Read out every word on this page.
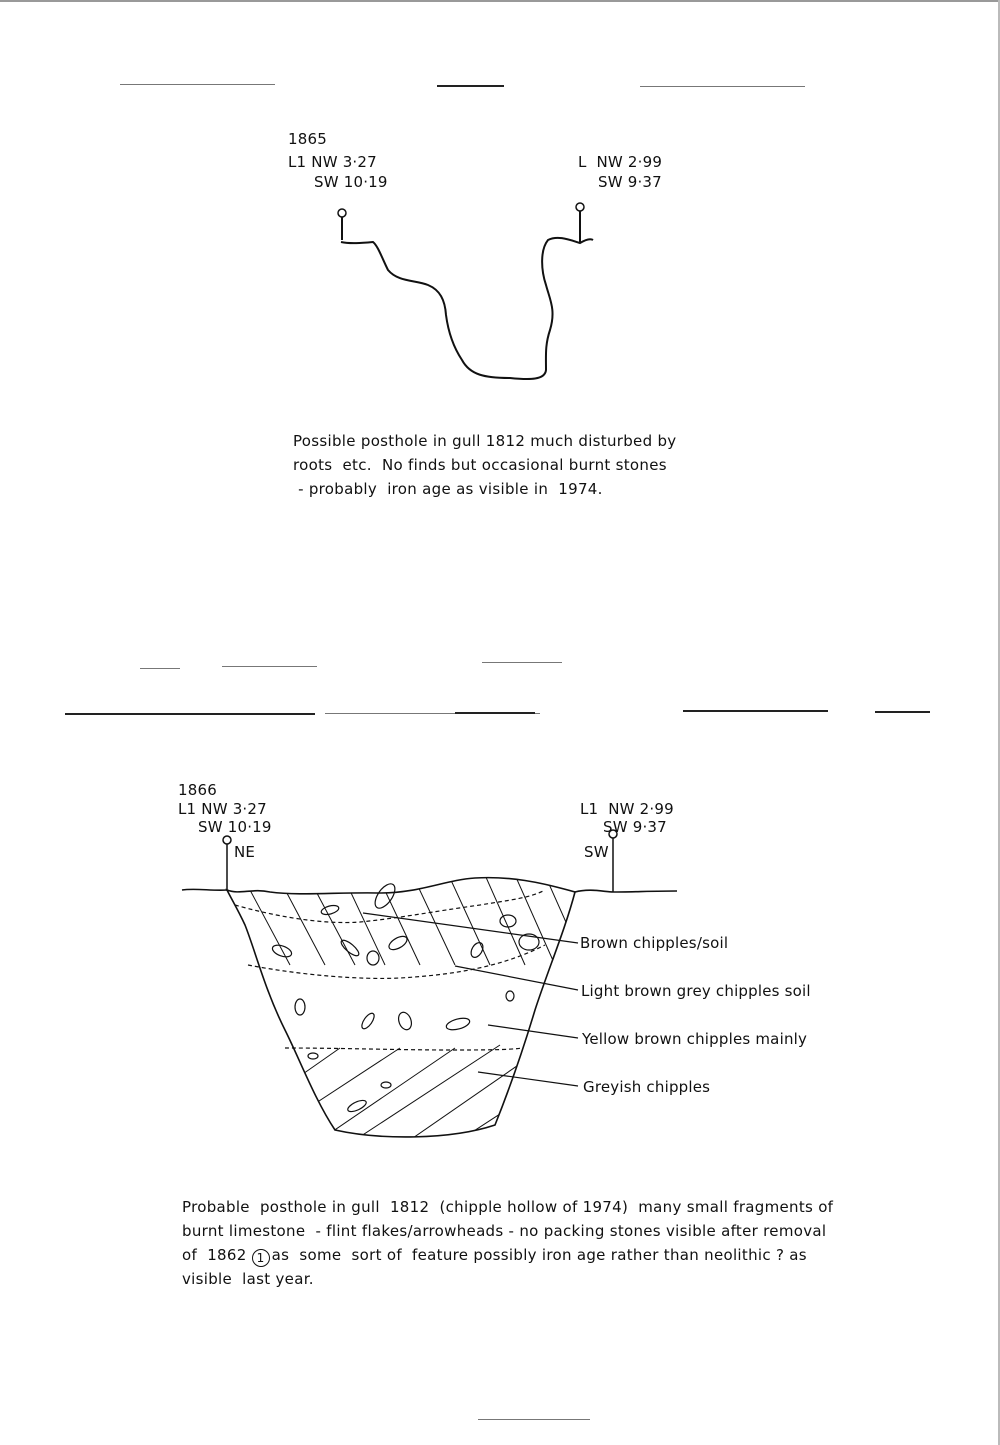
1865
L1 NW 3·27
SW 10·19
L  NW 2·99
SW 9·37
Possible posthole in gull 1812 much disturbed by
roots  etc.  No finds but occasional burnt stones
- probably  iron age as visible in  1974.
1866
L1 NW 3·27
SW 10·19
NE
L1  NW 2·99
SW 9·37
SW
Brown chipples/soil
Light brown grey chipples soil
Yellow brown chipples mainly
Greyish chipples
Probable  posthole in gull  1812  (chipple hollow of 1974)  many small fragments of
burnt limestone  - flint flakes/arrowheads - no packing stones visible after removal
of  1862 1 as  some  sort of  feature possibly iron age rather than neolithic ? as
visible  last year.
